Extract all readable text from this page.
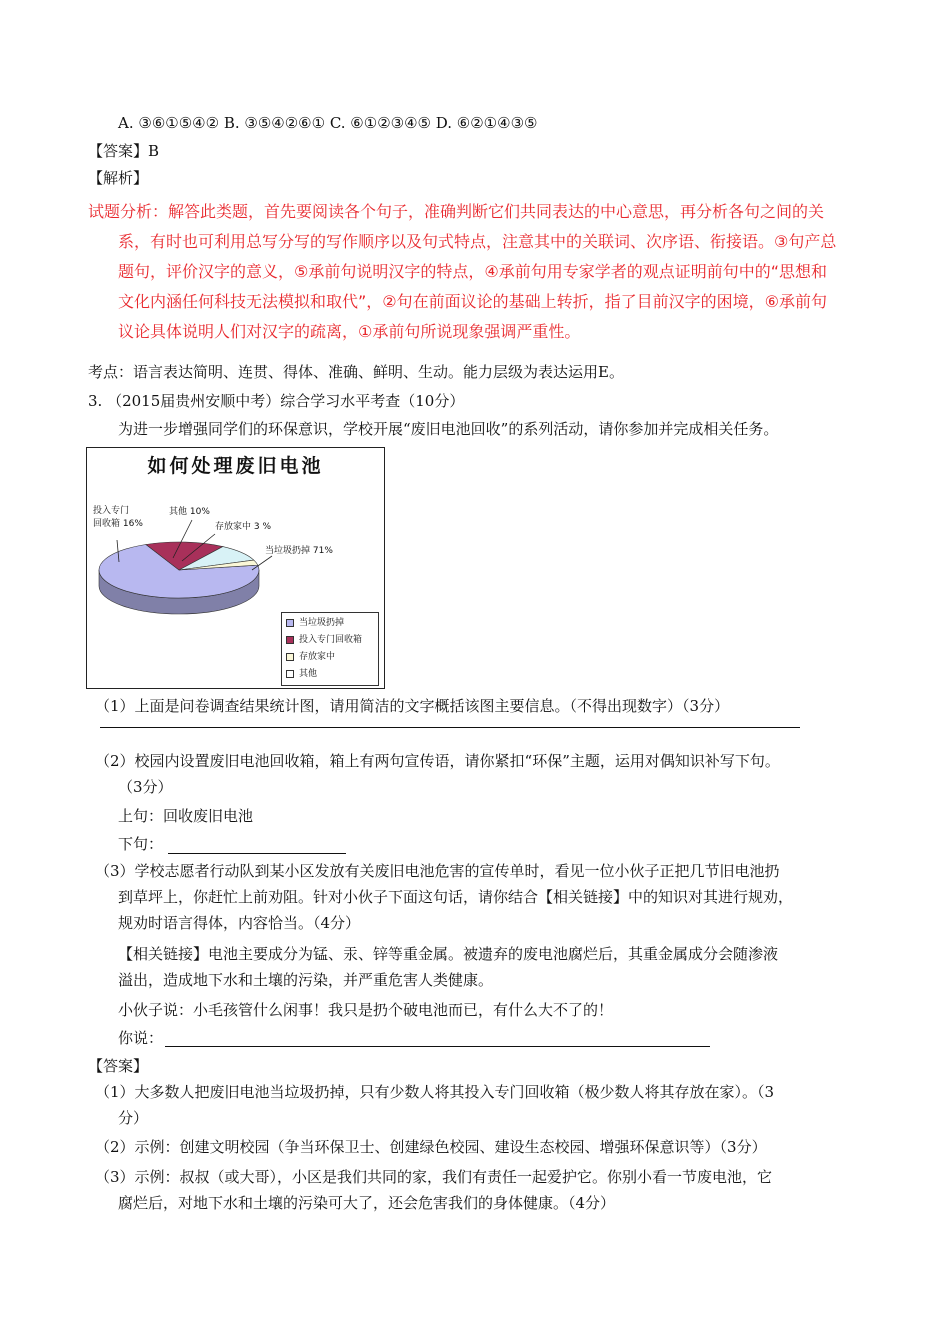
A. ③⑥①⑤④② B. ③⑤④②⑥① C. ⑥①②③④⑤ D. ⑥②①④③⑤
【答案】B
【解析】
试题分析：解答此类题，首先要阅读各个句子，准确判断它们共同表达的中心意思，再分析各句之间的关
系，有时也可利用总写分写的写作顺序以及句式特点，注意其中的关联词、次序语、衔接语。③句产总
题句，评价汉字的意义，⑤承前句说明汉字的特点，④承前句用专家学者的观点证明前句中的“思想和
文化内涵任何科技无法模拟和取代”，②句在前面议论的基础上转折，指了目前汉字的困境，⑥承前句
议论具体说明人们对汉字的疏离，①承前句所说现象强调严重性。
考点：语言表达简明、连贯、得体、准确、鲜明、生动。能力层级为表达运用E。
3. （2015届贵州安顺中考）综合学习水平考查（10分）
为进一步增强同学们的环保意识，学校开展“废旧电池回收”的系列活动，请你参加并完成相关任务。
如何处理废旧电池
投入专门
回收箱 16%
其他 10%
存放家中 3 %
当垃圾扔掉 71%
当垃圾扔掉
投入专门回收箱
存放家中
其他
（1）上面是问卷调查结果统计图，请用简洁的文字概括该图主要信息。（不得出现数字）（3分）
（2）校园内设置废旧电池回收箱，箱上有两句宣传语，请你紧扣“环保”主题，运用对偶知识补写下句。
（3分）
上句：回收废旧电池
下句：
（3）学校志愿者行动队到某小区发放有关废旧电池危害的宣传单时，看见一位小伙子正把几节旧电池扔
到草坪上，你赶忙上前劝阻。针对小伙子下面这句话，请你结合【相关链接】中的知识对其进行规劝，
规劝时语言得体，内容恰当。（4分）
【相关链接】电池主要成分为锰、汞、锌等重金属。被遗弃的废电池腐烂后，其重金属成分会随渗液
溢出，造成地下水和土壤的污染，并严重危害人类健康。
小伙子说：小毛孩管什么闲事！我只是扔个破电池而已，有什么大不了的！
你说：
【答案】
（1）大多数人把废旧电池当垃圾扔掉，只有少数人将其投入专门回收箱（极少数人将其存放在家）。（3
分）
（2）示例：创建文明校园（争当环保卫士、创建绿色校园、建设生态校园、增强环保意识等）（3分）
（3）示例：叔叔（或大哥），小区是我们共同的家，我们有责任一起爱护它。你别小看一节废电池，它
腐烂后，对地下水和土壤的污染可大了，还会危害我们的身体健康。（4分）
